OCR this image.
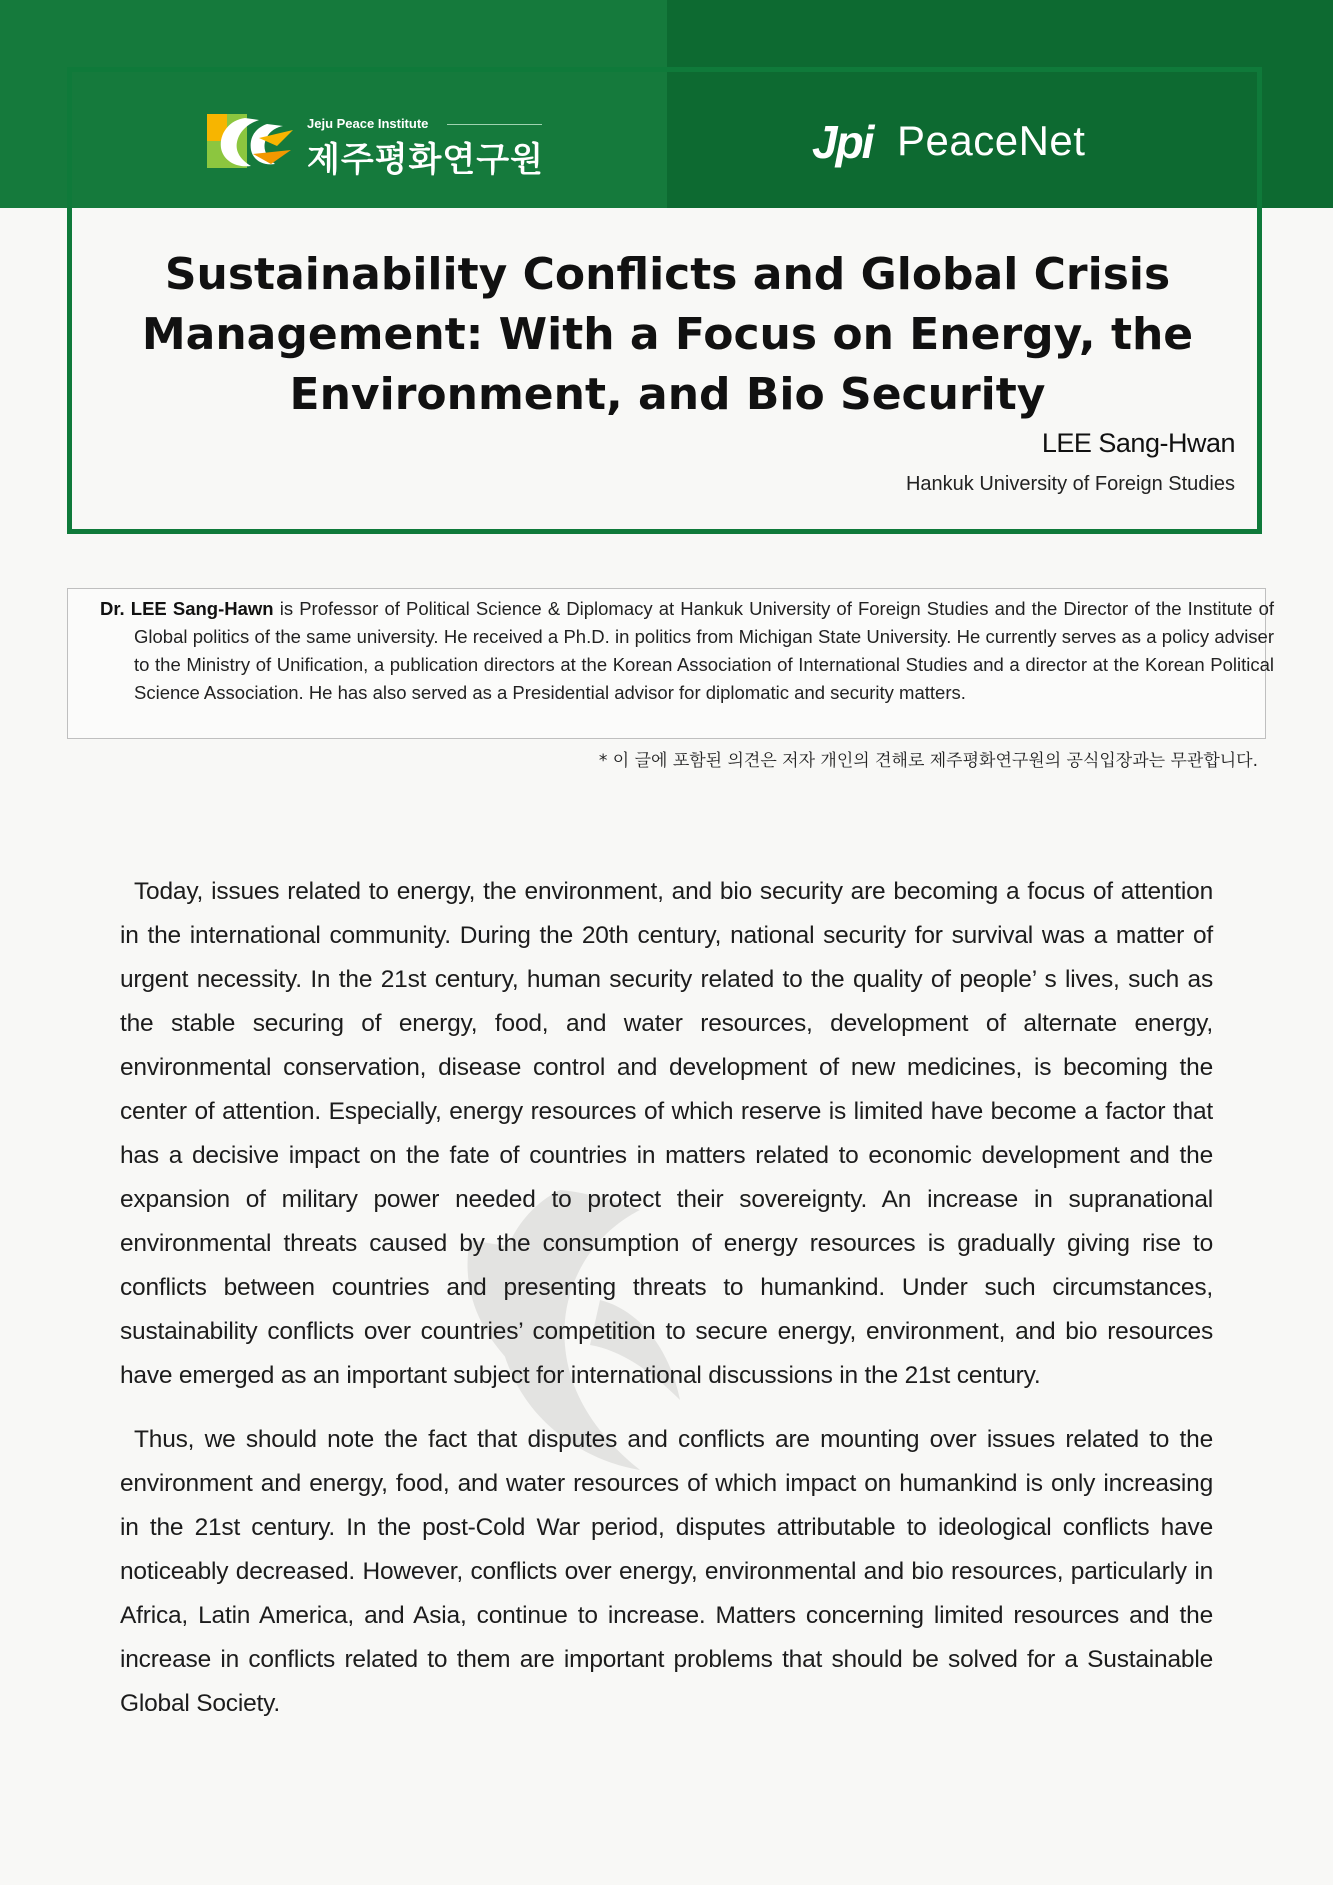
Jeju Peace Institute
제주평화연구원	Jpi PeaceNet
Sustainability Conflicts and Global Crisis Management: With a Focus on Energy, the Environment, and Bio Security
LEE Sang-Hwan
Hankuk University of Foreign Studies
Dr. LEE Sang-Hawn is Professor of Political Science & Diplomacy at Hankuk University of Foreign Studies and the Director of the Institute of Global politics of the same university. He received a Ph.D. in politics from Michigan State University. He currently serves as a policy adviser to the Ministry of Unification, a publication directors at the Korean Association of International Studies and a director at the Korean Political Science Association. He has also served as a Presidential advisor for diplomatic and security matters.
* 이 글에 포함된 의견은 저자 개인의 견해로 제주평화연구원의 공식입장과는 무관합니다.

Today, issues related to energy, the environment, and bio security are becoming a focus of attention in the international community. During the 20th century, national security for survival was a matter of urgent necessity. In the 21st century, human security related to the quality of people’ s lives, such as the stable securing of energy, food, and water resources, development of alternate energy, environmental conservation, disease control and development of new medicines, is becoming the center of attention. Especially, energy resources of which reserve is limited have become a factor that has a decisive impact on the fate of countries in matters related to economic development and the expansion of military power needed to protect their sovereignty. An increase in supranational environmental threats caused by the consumption of energy resources is gradually giving rise to conflicts between countries and presenting threats to humankind. Under such circumstances, sustainability conflicts over countries’ competition to secure energy, environment, and bio resources have emerged as an important subject for international discussions in the 21st century.

Thus, we should note the fact that disputes and conflicts are mounting over issues related to the environment and energy, food, and water resources of which impact on humankind is only increasing in the 21st century. In the post-Cold War period, disputes attributable to ideological conflicts have noticeably decreased. However, conflicts over energy, environmental and bio resources, particularly in Africa, Latin America, and Asia, continue to increase. Matters concerning limited resources and the increase in conflicts related to them are important problems that should be solved for a Sustainable Global Society.
